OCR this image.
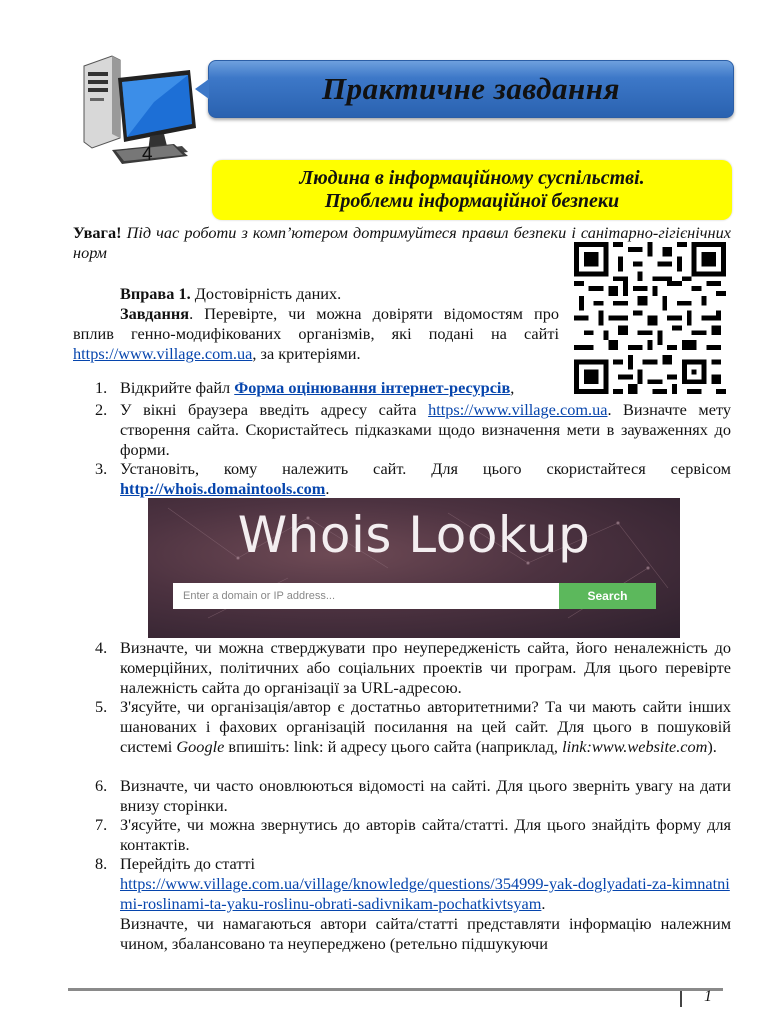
Практичне завдання
4
Людина в інформаційному суспільстві.
Проблеми інформаційної безпеки
Увага! Під час роботи з комп’ютером дотримуйтеся правил безпеки і санітарно-гігієнічних норм
Вправа 1. Достовірність даних.
Завдання. Перевірте, чи можна довіряти відомостям про вплив генно-модифікованих організмів, які подані на сайті https://www.village.com.ua, за критеріями.
1. Відкрийте файл Форма оцінювання інтернет-ресурсів,
2. У вікні браузера введіть адресу сайта https://www.village.com.ua. Визначте мету створення сайта. Скористайтесь підказками щодо визначення мети в зауваженнях до форми.
3. Установіть, кому належить сайт. Для цього скористайтеся сервісом http://whois.domaintools.com.
Whois Lookup
Enter a domain or IP address...	Search
4. Визначте, чи можна стверджувати про неупередженість сайта, його неналежність до комерційних, політичних або соціальних проектів чи програм. Для цього перевірте належність сайта до організації за URL-адресою.
5. З'ясуйте, чи організація/автор є достатньо авторитетними? Та чи мають сайти інших шанованих і фахових організацій посилання на цей сайт. Для цього в пошуковій системі Google впишіть: link: й адресу цього сайта (наприклад, link:www.website.com).
6. Визначте, чи часто оновлюються відомості на сайті. Для цього зверніть увагу на дати внизу сторінки.
7. З'ясуйте, чи можна звернутись до авторів сайта/статті. Для цього знайдіть форму для контактів.
8. Перейдіть до статті
https://www.village.com.ua/village/knowledge/questions/354999-yak-doglyadati-za-kimnatnimi-roslinami-ta-yaku-roslinu-obrati-sadivnikam-pochatkivtsyam.
Визначте, чи намагаються автори сайта/статті представляти інформацію належним чином, збалансовано та неупереджено (ретельно підшукуючи
1
